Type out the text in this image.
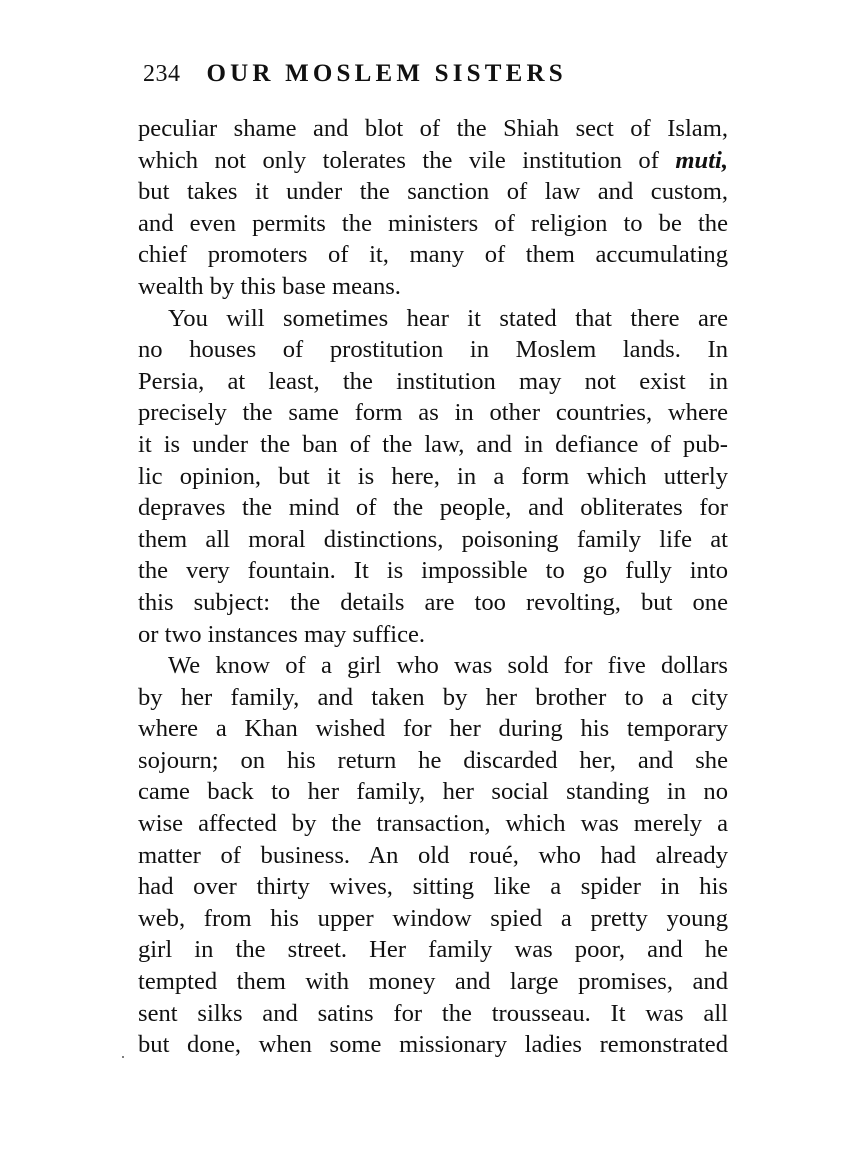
234 OUR MOSLEM SISTERS
peculiar shame and blot of the Shiah sect of Islam,
which not only tolerates the vile institution of muti,
but takes it under the sanction of law and custom,
and even permits the ministers of religion to be the
chief promoters of it, many of them accumulating
wealth by this base means.
You will sometimes hear it stated that there are
no houses of prostitution in Moslem lands. In
Persia, at least, the institution may not exist in
precisely the same form as in other countries, where
it is under the ban of the law, and in defiance of pub-
lic opinion, but it is here, in a form which utterly
depraves the mind of the people, and obliterates for
them all moral distinctions, poisoning family life at
the very fountain. It is impossible to go fully into
this subject: the details are too revolting, but one
or two instances may suffice.
We know of a girl who was sold for five dollars
by her family, and taken by her brother to a city
where a Khan wished for her during his temporary
sojourn; on his return he discarded her, and she
came back to her family, her social standing in no
wise affected by the transaction, which was merely a
matter of business. An old roué, who had already
had over thirty wives, sitting like a spider in his
web, from his upper window spied a pretty young
girl in the street. Her family was poor, and he
tempted them with money and large promises, and
sent silks and satins for the trousseau. It was all
but done, when some missionary ladies remonstrated
